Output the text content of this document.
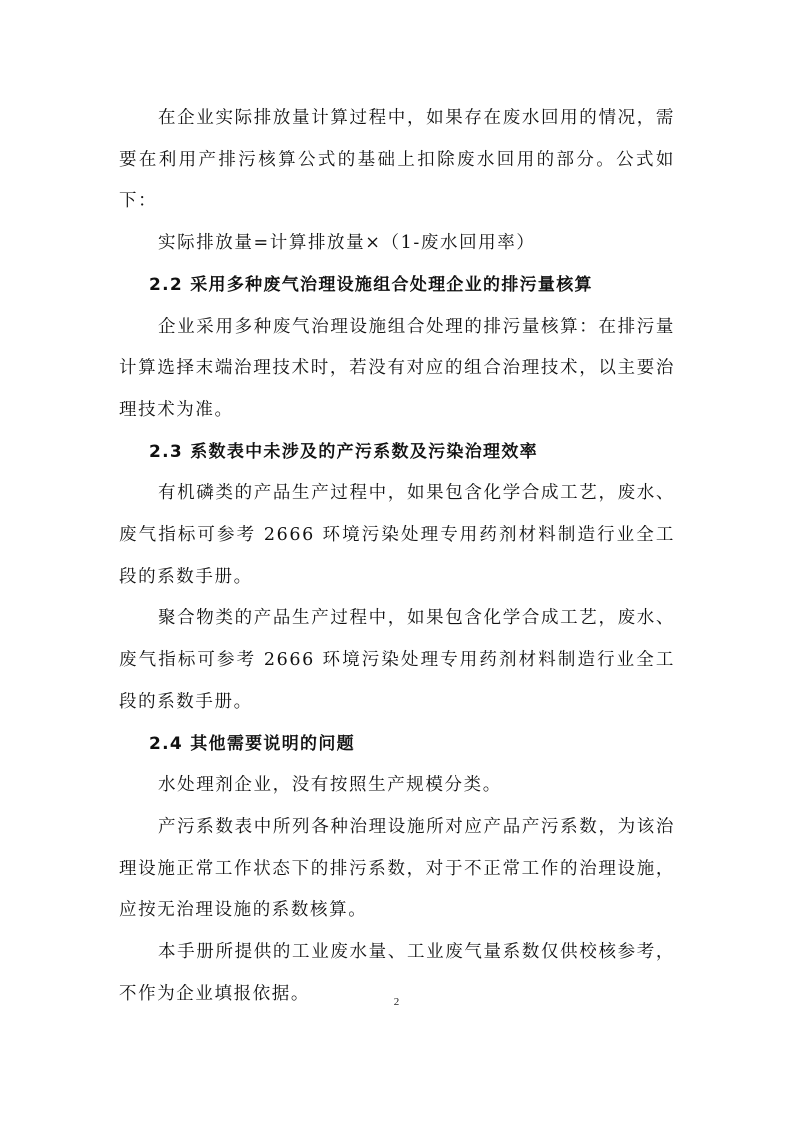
在企业实际排放量计算过程中，如果存在废水回用的情况，需要在利用产排污核算公式的基础上扣除废水回用的部分。公式如下：

实际排放量=计算排放量×（1-废水回用率）

2.2 采用多种废气治理设施组合处理企业的排污量核算

企业采用多种废气治理设施组合处理的排污量核算：在排污量计算选择末端治理技术时，若没有对应的组合治理技术，以主要治理技术为准。

2.3 系数表中未涉及的产污系数及污染治理效率

有机磷类的产品生产过程中，如果包含化学合成工艺，废水、废气指标可参考 2666 环境污染处理专用药剂材料制造行业全工段的系数手册。

聚合物类的产品生产过程中，如果包含化学合成工艺，废水、废气指标可参考 2666 环境污染处理专用药剂材料制造行业全工段的系数手册。

2.4 其他需要说明的问题

水处理剂企业，没有按照生产规模分类。

产污系数表中所列各种治理设施所对应产品产污系数，为该治理设施正常工作状态下的排污系数，对于不正常工作的治理设施，应按无治理设施的系数核算。

本手册所提供的工业废水量、工业废气量系数仅供校核参考，不作为企业填报依据。	2
